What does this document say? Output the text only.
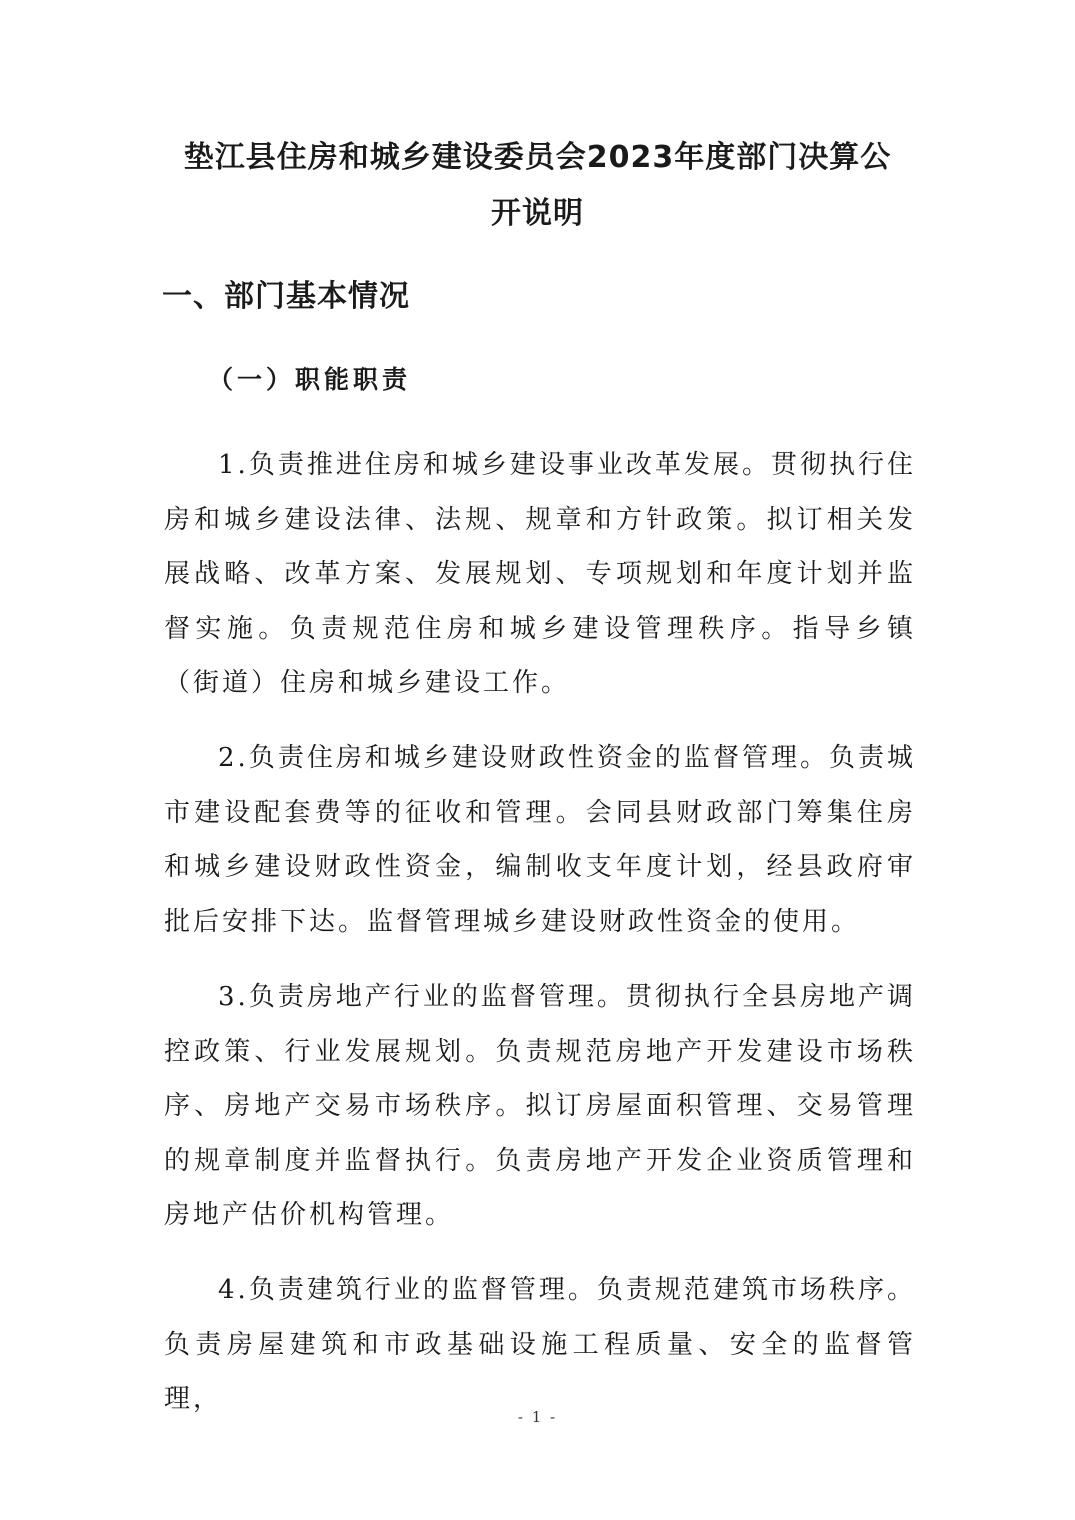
垫江县住房和城乡建设委员会2023年度部门决算公
开说明
一、部门基本情况
（一）职能职责

1.负责推进住房和城乡建设事业改革发展。贯彻执行住房和城乡建设法律、法规、规章和方针政策。拟订相关发展战略、改革方案、发展规划、专项规划和年度计划并监督实施。负责规范住房和城乡建设管理秩序。指导乡镇（街道）住房和城乡建设工作。

2.负责住房和城乡建设财政性资金的监督管理。负责城市建设配套费等的征收和管理。会同县财政部门筹集住房和城乡建设财政性资金，编制收支年度计划，经县政府审批后安排下达。监督管理城乡建设财政性资金的使用。

3.负责房地产行业的监督管理。贯彻执行全县房地产调控政策、行业发展规划。负责规范房地产开发建设市场秩序、房地产交易市场秩序。拟订房屋面积管理、交易管理的规章制度并监督执行。负责房地产开发企业资质管理和房地产估价机构管理。

4.负责建筑行业的监督管理。负责规范建筑市场秩序。负责房屋建筑和市政基础设施工程质量、安全的监督管理，

- 1 -
